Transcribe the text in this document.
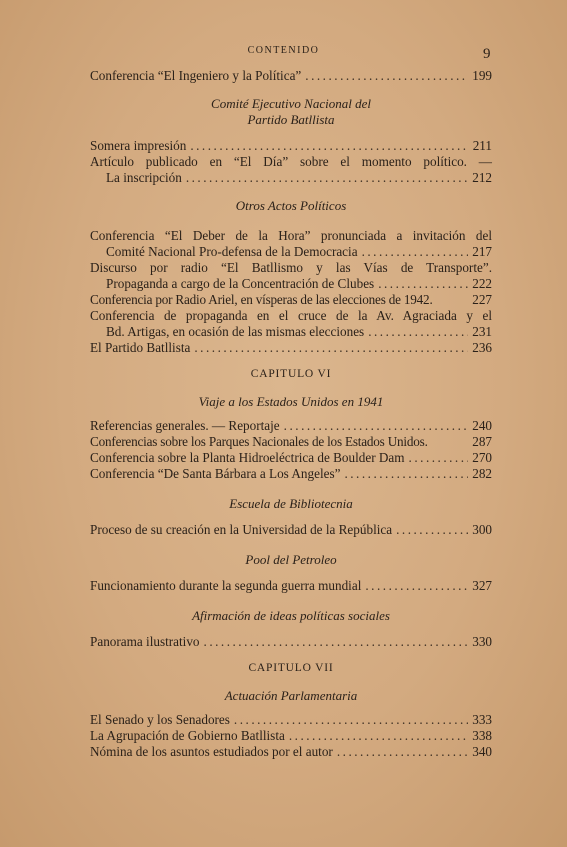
CONTENIDO	9
Conferencia “El Ingeniero y la Política” .....	199
Comité Ejecutivo Nacional del
Partido Batllista
Somera impresión .....	211
Artículo publicado en “El Día” sobre el momento político. —
La inscripción .....	212
Otros Actos Políticos
Conferencia “El Deber de la Hora” pronunciada a invitación del
Comité Nacional Pro-defensa de la Democracia .....	217
Discurso por radio “El Batllismo y las Vías de Transporte”.
Propaganda a cargo de la Concentración de Clubes .....	222
Conferencia por Radio Ariel, en vísperas de las elecciones de 1942.	227
Conferencia de propaganda en el cruce de la Av. Agraciada y el
Bd. Artigas, en ocasión de las mismas elecciones .....	231
El Partido Batllista .....	236
CAPITULO VI
Viaje a los Estados Unidos en 1941
Referencias generales. — Reportaje .....	240
Conferencias sobre los Parques Nacionales de los Estados Unidos.	287
Conferencia sobre la Planta Hidroeléctrica de Boulder Dam .....	270
Conferencia “De Santa Bárbara a Los Angeles” .....	282
Escuela de Bibliotecnia
Proceso de su creación en la Universidad de la República .....	300
Pool del Petroleo
Funcionamiento durante la segunda guerra mundial .....	327
Afirmación de ideas políticas sociales
Panorama ilustrativo .....	330
CAPITULO VII
Actuación Parlamentaria
El Senado y los Senadores .....	333
La Agrupación de Gobierno Batllista .....	338
Nómina de los asuntos estudiados por el autor .....	340
